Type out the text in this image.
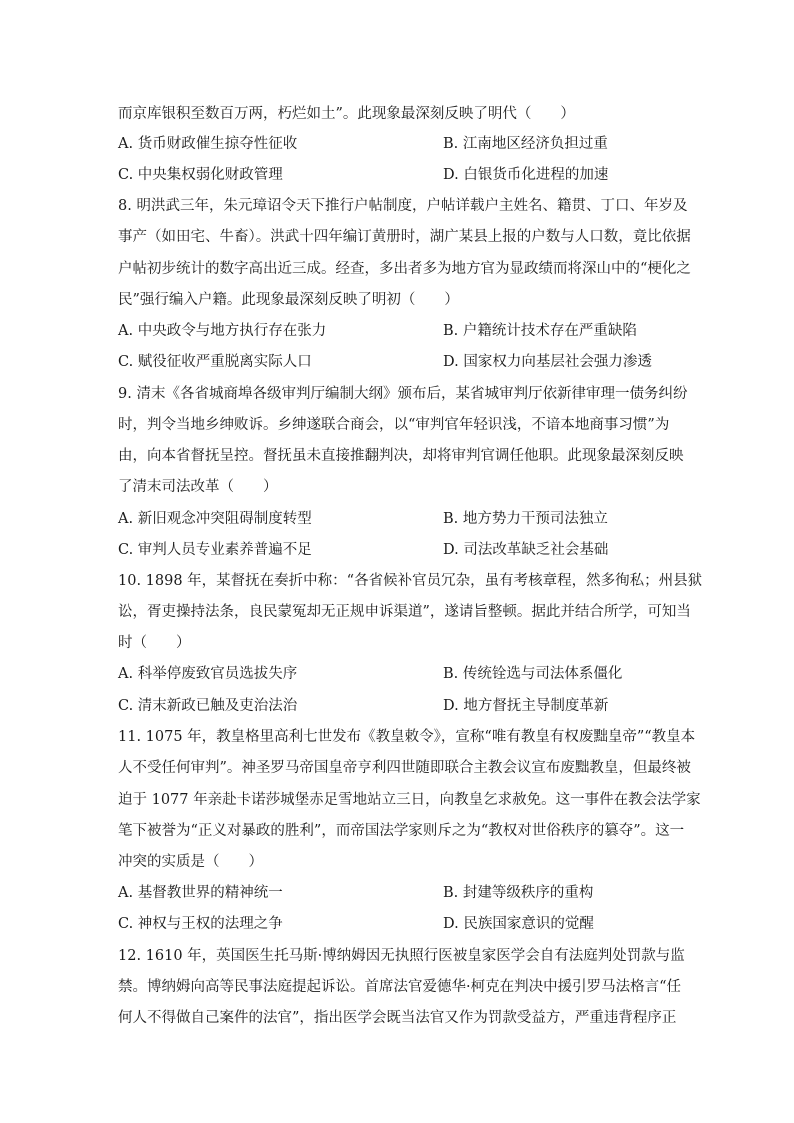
而京库银积至数百万两，朽烂如土”。此现象最深刻反映了明代（　　）
A. 货币财政催生掠夺性征收	B. 江南地区经济负担过重
C. 中央集权弱化财政管理	D. 白银货币化进程的加速
8. 明洪武三年，朱元璋诏令天下推行户帖制度，户帖详载户主姓名、籍贯、丁口、年岁及
事产（如田宅、牛畜）。洪武十四年编订黄册时，湖广某县上报的户数与人口数，竟比依据
户帖初步统计的数字高出近三成。经查，多出者多为地方官为显政绩而将深山中的“梗化之
民”强行编入户籍。此现象最深刻反映了明初（　　）
A. 中央政令与地方执行存在张力	B. 户籍统计技术存在严重缺陷
C. 赋役征收严重脱离实际人口	D. 国家权力向基层社会强力渗透
9. 清末《各省城商埠各级审判厅编制大纲》颁布后，某省城审判厅依新律审理一债务纠纷
时，判令当地乡绅败诉。乡绅遂联合商会，以“审判官年轻识浅，不谙本地商事习惯”为
由，向本省督抚呈控。督抚虽未直接推翻判决，却将审判官调任他职。此现象最深刻反映
了清末司法改革（　　）
A. 新旧观念冲突阻碍制度转型	B. 地方势力干预司法独立
C. 审判人员专业素养普遍不足	D. 司法改革缺乏社会基础
10. 1898 年，某督抚在奏折中称：“各省候补官员冗杂，虽有考核章程，然多徇私；州县狱
讼，胥吏操持法条，良民蒙冤却无正规申诉渠道”，遂请旨整顿。据此并结合所学，可知当
时（　　）
A. 科举停废致官员选拔失序	B. 传统铨选与司法体系僵化
C. 清末新政已触及吏治法治	D. 地方督抚主导制度革新
11. 1075 年，教皇格里高利七世发布《教皇敕令》，宣称“唯有教皇有权废黜皇帝”“教皇本
人不受任何审判”。神圣罗马帝国皇帝亨利四世随即联合主教会议宣布废黜教皇，但最终被
迫于 1077 年亲赴卡诺莎城堡赤足雪地站立三日，向教皇乞求赦免。这一事件在教会法学家
笔下被誉为“正义对暴政的胜利”，而帝国法学家则斥之为“教权对世俗秩序的篡夺”。这一
冲突的实质是（　　）
A. 基督教世界的精神统一	B. 封建等级秩序的重构
C. 神权与王权的法理之争	D. 民族国家意识的觉醒
12. 1610 年，英国医生托马斯·博纳姆因无执照行医被皇家医学会自有法庭判处罚款与监
禁。博纳姆向高等民事法庭提起诉讼。首席法官爱德华·柯克在判决中援引罗马法格言“任
何人不得做自己案件的法官”，指出医学会既当法官又作为罚款受益方，严重违背程序正
